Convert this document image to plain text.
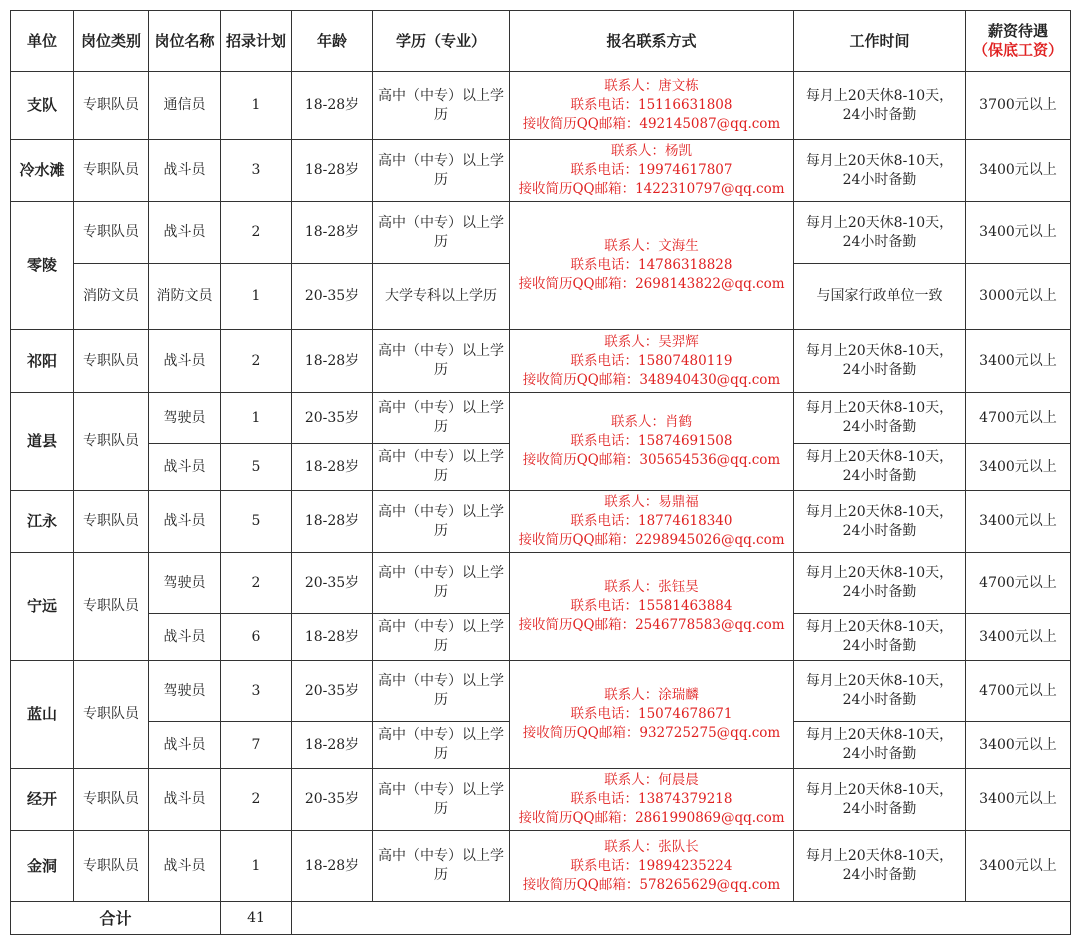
单位	岗位类别	岗位名称	招录计划	年龄	学历（专业）	报名联系方式	工作时间	薪资待遇
（保底工资）

支队	专职队员	通信员	1	18-28岁	高中（中专）以上学历	联系人：唐文栋
联系电话：15116631808
接收简历QQ邮箱：492145087@qq.com	每月上20天休8-10天，24小时备勤	3700元以上
冷水滩	专职队员	战斗员	3	18-28岁	高中（中专）以上学历	联系人：杨凯
联系电话：19974617807
接收简历QQ邮箱：1422310797@qq.com	每月上20天休8-10天，24小时备勤	3400元以上
零陵	专职队员	战斗员	2	18-28岁	高中（中专）以上学历	联系人：文海生
联系电话：14786318828
接收简历QQ邮箱：2698143822@qq.com	每月上20天休8-10天，24小时备勤	3400元以上
	消防文员	消防文员	1	20-35岁	大学专科以上学历		与国家行政单位一致	3000元以上
祁阳	专职队员	战斗员	2	18-28岁	高中（中专）以上学历	联系人：吴羿辉
联系电话：15807480119
接收简历QQ邮箱：348940430@qq.com	每月上20天休8-10天，24小时备勤	3400元以上
道县	专职队员	驾驶员	1	20-35岁	高中（中专）以上学历	联系人：肖鹤
联系电话：15874691508
接收简历QQ邮箱：305654536@qq.com	每月上20天休8-10天，24小时备勤	4700元以上
		战斗员	5	18-28岁	高中（中专）以上学历		每月上20天休8-10天，24小时备勤	3400元以上
江永	专职队员	战斗员	5	18-28岁	高中（中专）以上学历	联系人：易鼎福
联系电话：18774618340
接收简历QQ邮箱：2298945026@qq.com	每月上20天休8-10天，24小时备勤	3400元以上
宁远	专职队员	驾驶员	2	20-35岁	高中（中专）以上学历	联系人：张钰昊
联系电话：15581463884
接收简历QQ邮箱：2546778583@qq.com	每月上20天休8-10天，24小时备勤	4700元以上
		战斗员	6	18-28岁	高中（中专）以上学历		每月上20天休8-10天，24小时备勤	3400元以上
蓝山	专职队员	驾驶员	3	20-35岁	高中（中专）以上学历	联系人：涂瑞麟
联系电话：15074678671
接收简历QQ邮箱：932725275@qq.com	每月上20天休8-10天，24小时备勤	4700元以上
		战斗员	7	18-28岁	高中（中专）以上学历		每月上20天休8-10天，24小时备勤	3400元以上
经开	专职队员	战斗员	2	20-35岁	高中（中专）以上学历	联系人：何晨晨
联系电话：13874379218
接收简历QQ邮箱：2861990869@qq.com	每月上20天休8-10天，24小时备勤	3400元以上
金洞	专职队员	战斗员	1	18-28岁	高中（中专）以上学历	联系人：张队长
联系电话：19894235224
接收简历QQ邮箱：578265629@qq.com	每月上20天休8-10天，24小时备勤	3400元以上
合计			41					
